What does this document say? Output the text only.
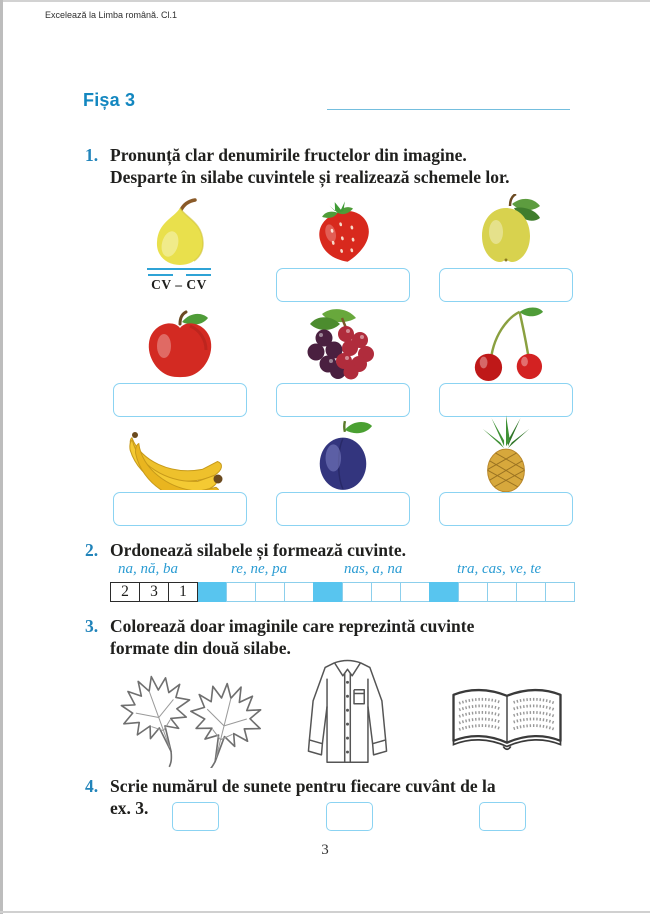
Excelează la Limba română. Cl.1
Fișa 3
1. Pronunță clar denumirile fructelor din imagine.
Desparte în silabe cuvintele și realizează schemele lor.
CV – CV
2. Ordonează silabele și formează cuvinte.
na, nă, ba	re, ne, pa	nas, a, na	tra, cas, ve, te
2	3	1
3. Colorează doar imaginile care reprezintă cuvinte
formate din două silabe.
4. Scrie numărul de sunete pentru fiecare cuvânt de la
ex. 3.
3
